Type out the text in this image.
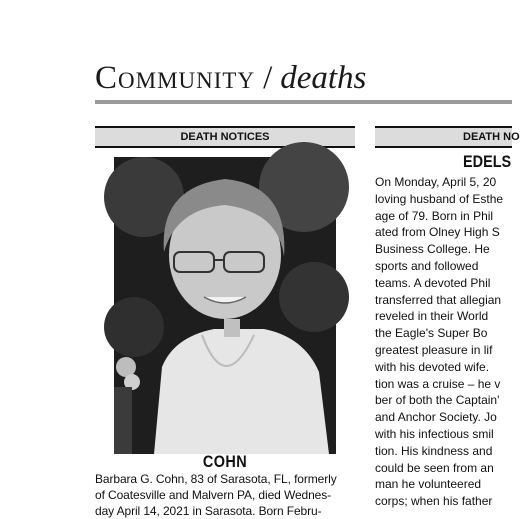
Community / deaths
DEATH NOTICES	DEATH NO
COHN
Barbara G. Cohn, 83 of Sarasota, FL, formerly
of Coatesville and Malvern PA, died Wednes-
day April 14, 2021 in Sarasota. Born Febru-
EDELS
On Monday, April 5, 20
loving husband of Esthe
age of 79. Born in Phil
ated from Olney High S
Business College. He
sports and followed
teams. A devoted Phil
transferred that allegian
reveled in their World
the Eagle's Super Bo
greatest pleasure in lif
with his devoted wife.
tion was a cruise – he v
ber of both the Captain'
and Anchor Society. Jo
with his infectious smil
tion. His kindness and
could be seen from an
man he volunteered
corps; when his father
